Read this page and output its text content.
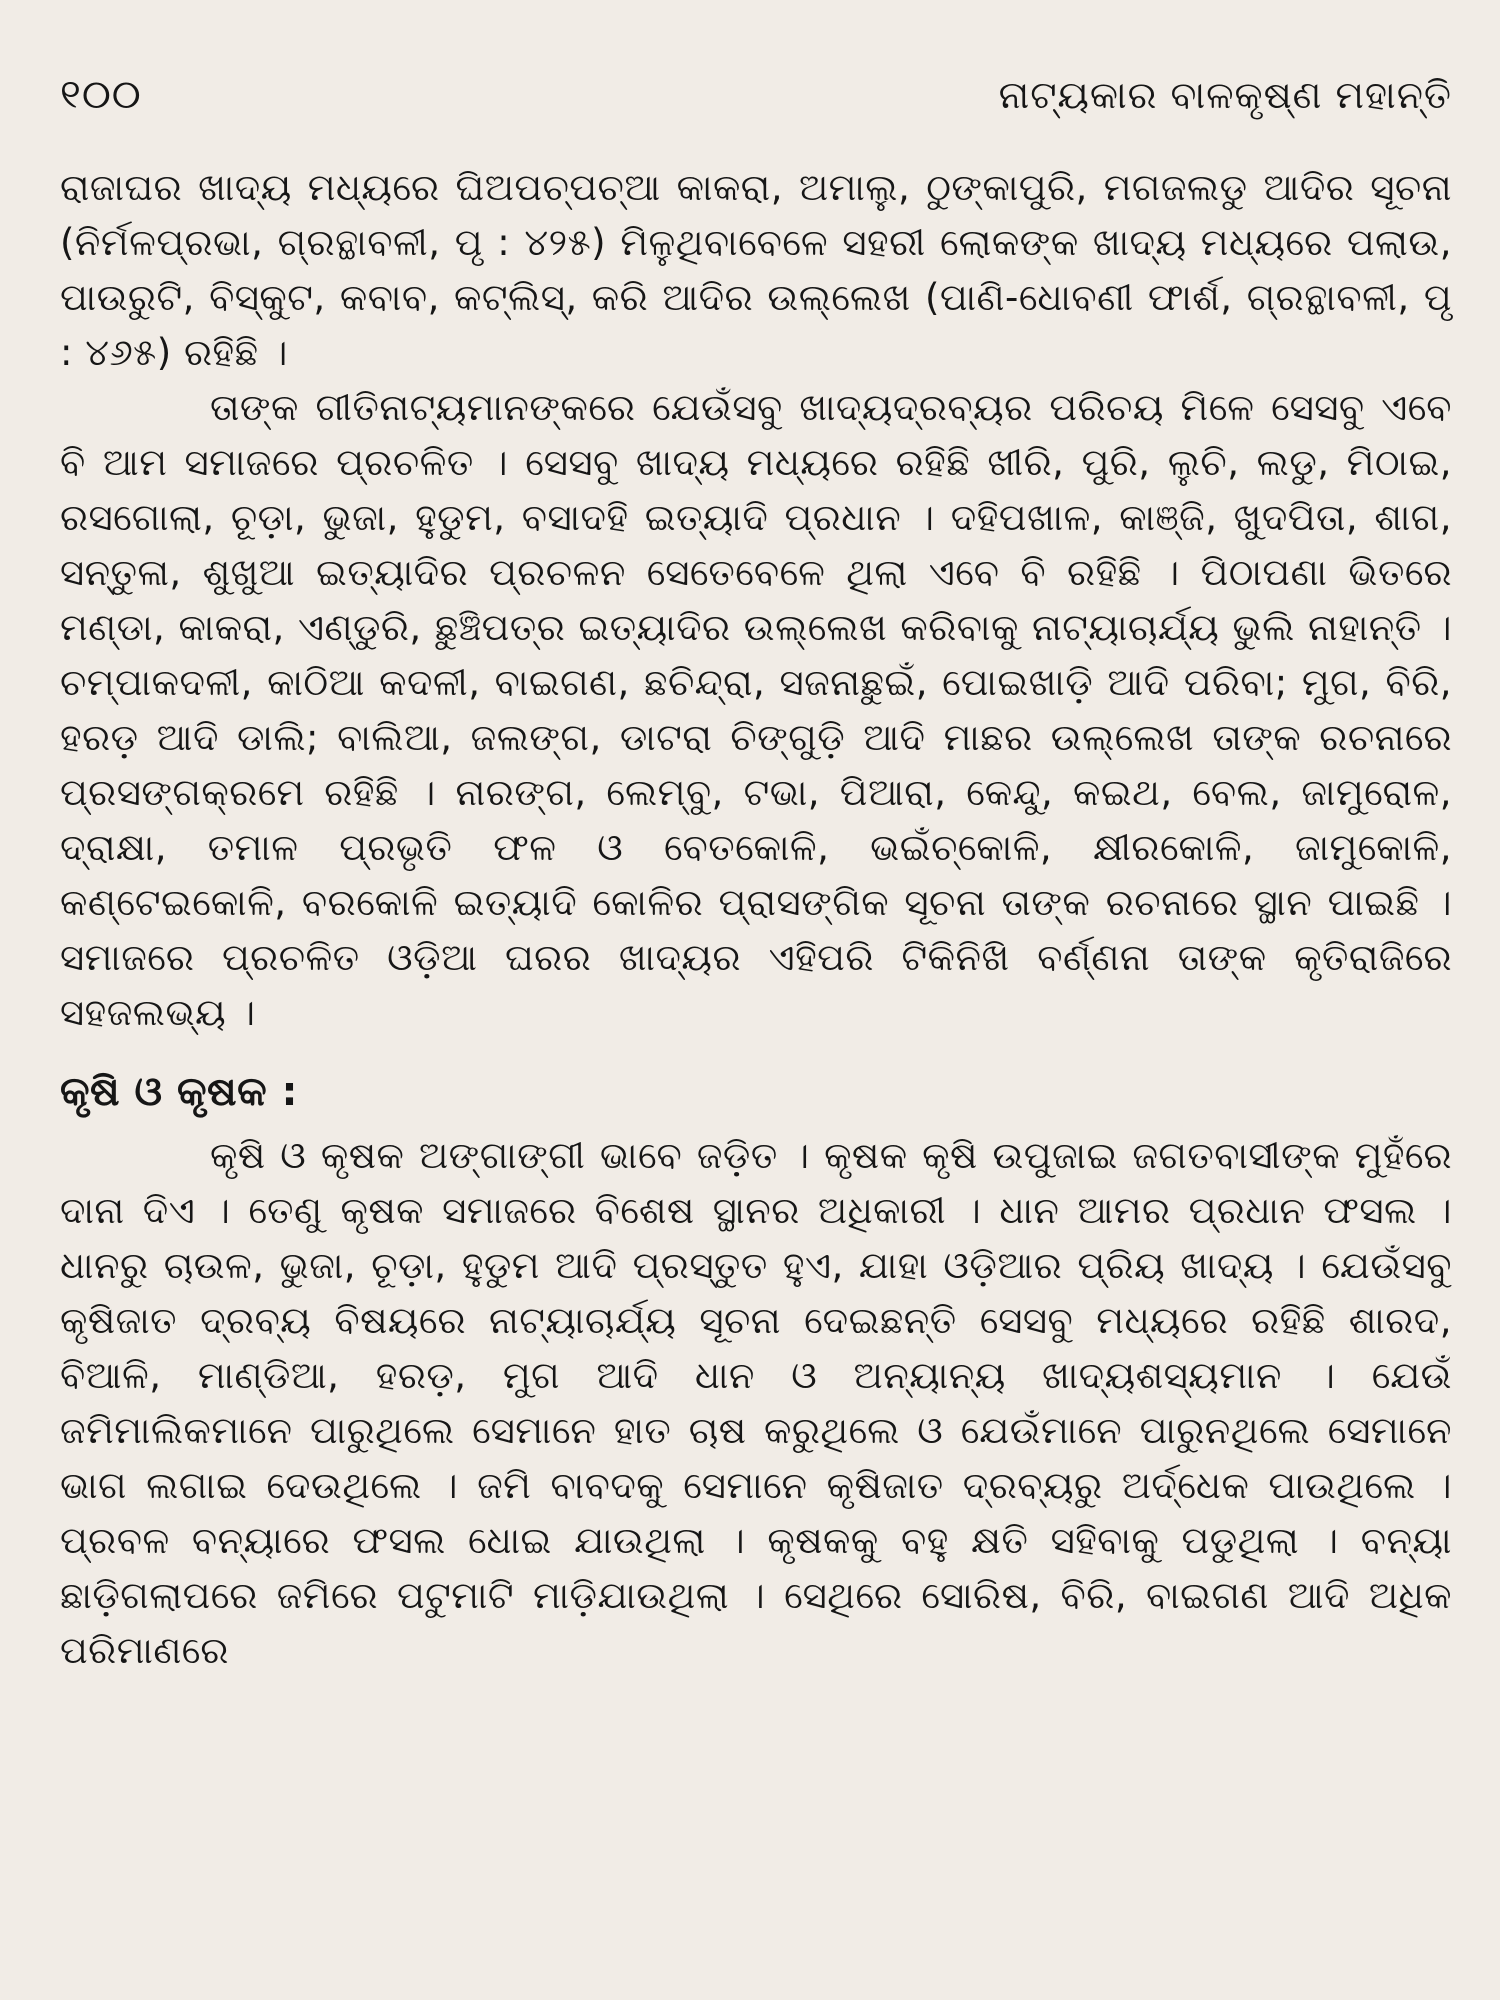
୧୦୦	ନାଟ୍ୟକାର ବାଳକୃଷ୍ଣ ମହାନ୍ତି

ରାଜାଘର ଖାଦ୍ୟ ମଧ୍ୟରେ ଘିଅପଚ୍‌ପଚ୍‌ଆ କାକରା, ଅମାଲୁ, ଠୁଙ୍କାପୁରି, ମଗଜଲଡୁ ଆଦିର ସୂଚନା (ନିର୍ମଳପ୍ରଭା, ଗ୍ରନ୍ଥାବଳୀ, ପୃ : ୪୨୫) ମିଳୁଥିବାବେଳେ ସହରୀ ଲୋକଙ୍କ ଖାଦ୍ୟ ମଧ୍ୟରେ ପଲାଉ, ପାଉରୁଟି, ବିସ୍କୁଟ, କବାବ, କଟ୍‌ଲିସ୍, କରି ଆଦିର ଉଲ୍ଲେଖ (ପାଣି-ଧୋବଣୀ ଫାର୍ଶ, ଗ୍ରନ୍ଥାବଳୀ, ପୃ : ୪୬୫) ରହିଛି ।

ତାଙ୍କ ଗୀତିନାଟ୍ୟମାନଙ୍କରେ ଯେଉଁସବୁ ଖାଦ୍ୟଦ୍ରବ୍ୟର ପରିଚୟ ମିଳେ ସେସବୁ ଏବେ ବି ଆମ ସମାଜରେ ପ୍ରଚଳିତ । ସେସବୁ ଖାଦ୍ୟ ମଧ୍ୟରେ ରହିଛି ଖୀରି, ପୁରି, ଲୁଚି, ଲଡୁ, ମିଠାଇ, ରସଗୋଲା, ଚୂଡ଼ା, ଭୁଜା, ହୁଡୁମ, ବସାଦହି ଇତ୍ୟାଦି ପ୍ରଧାନ । ଦହିପଖାଳ, କାଞ୍ଜି, ଖୁଦପିତା, ଶାଗ, ସନ୍ତୁଳା, ଶୁଖୁଆ ଇତ୍ୟାଦିର ପ୍ରଚଳନ ସେତେବେଳେ ଥିଲା ଏବେ ବି ରହିଛି । ପିଠାପଣା ଭିତରେ ମଣ୍ଡା, କାକରା, ଏଣ୍ଡୁରି, ଛୁଞ୍ଚିପତ୍ର ଇତ୍ୟାଦିର ଉଲ୍ଲେଖ କରିବାକୁ ନାଟ୍ୟାଚାର୍ଯ୍ୟ ଭୁଲି ନାହାନ୍ତି । ଚମ୍ପାକଦଳୀ, କାଠିଆ କଦଳୀ, ବାଇଗଣ, ଛଚିନ୍ଦ୍ରା, ସଜନାଛୁଇଁ, ପୋଇଖାଡ଼ି ଆଦି ପରିବା; ମୁଗ, ବିରି, ହରଡ଼ ଆଦି ଡାଲି; ବାଲିଆ, ଜଲଙ୍ଗ, ଡାଟରା ଚିଙ୍ଗୁଡ଼ି ଆଦି ମାଛର ଉଲ୍ଲେଖ ତାଙ୍କ ରଚନାରେ ପ୍ରସଙ୍ଗକ୍ରମେ ରହିଛି । ନାରଙ୍ଗ, ଲେମ୍ବୁ, ଟଭା, ପିଆରା, କେନ୍ଦୁ, କଇଥ, ବେଲ, ଜାମୁରୋଳ, ଦ୍ରାକ୍ଷା, ତମାଳ ପ୍ରଭୃତି ଫଳ ଓ ବେତକୋଳି, ଭଇଁଚ୍‌କୋଳି, କ୍ଷୀରକୋଳି, ଜାମୁକୋଳି, କଣ୍ଟେଇକୋଳି, ବରକୋଳି ଇତ୍ୟାଦି କୋଳିର ପ୍ରାସଙ୍ଗିକ ସୂଚନା ତାଙ୍କ ରଚନାରେ ସ୍ଥାନ ପାଇଛି । ସମାଜରେ ପ୍ରଚଳିତ ଓଡ଼ିଆ ଘରର ଖାଦ୍ୟର ଏହିପରି ଟିକିନିଖି ବର୍ଣ୍ଣନା ତାଙ୍କ କୃତିରାଜିରେ ସହଜଲଭ୍ୟ ।

କୃଷି ଓ କୃଷକ :

କୃଷି ଓ କୃଷକ ଅଙ୍ଗାଙ୍ଗୀ ଭାବେ ଜଡ଼ିତ । କୃଷକ କୃଷି ଉପୁଜାଇ ଜଗତବାସୀଙ୍କ ମୁହଁରେ ଦାନା ଦିଏ । ତେଣୁ କୃଷକ ସମାଜରେ ବିଶେଷ ସ୍ଥାନର ଅଧିକାରୀ । ଧାନ ଆମର ପ୍ରଧାନ ଫସଲ । ଧାନରୁ ଚାଉଳ, ଭୁଜା, ଚୂଡ଼ା, ହୁଡୁମ ଆଦି ପ୍ରସ୍ତୁତ ହୁଏ, ଯାହା ଓଡ଼ିଆର ପ୍ରିୟ ଖାଦ୍ୟ । ଯେଉଁସବୁ କୃଷିଜାତ ଦ୍ରବ୍ୟ ବିଷୟରେ ନାଟ୍ୟାଚାର୍ଯ୍ୟ ସୂଚନା ଦେଇଛନ୍ତି ସେସବୁ ମଧ୍ୟରେ ରହିଛି ଶାରଦ, ବିଆଳି, ମାଣ୍ଡିଆ, ହରଡ଼, ମୁଗ ଆଦି ଧାନ ଓ ଅନ୍ୟାନ୍ୟ ଖାଦ୍ୟଶସ୍ୟମାନ । ଯେଉଁ ଜମିମାଲିକମାନେ ପାରୁଥିଲେ ସେମାନେ ହାତ ଚାଷ କରୁଥିଲେ ଓ ଯେଉଁମାନେ ପାରୁନଥିଲେ ସେମାନେ ଭାଗ ଲଗାଇ ଦେଉଥିଲେ । ଜମି ବାବଦକୁ ସେମାନେ କୃଷିଜାତ ଦ୍ରବ୍ୟରୁ ଅର୍ଦ୍ଧେକ ପାଉଥିଲେ । ପ୍ରବଳ ବନ୍ୟାରେ ଫସଲ ଧୋଇ ଯାଉଥିଲା । କୃଷକକୁ ବହୁ କ୍ଷତି ସହିବାକୁ ପଡୁଥିଲା । ବନ୍ୟା ଛାଡ଼ିଗଲାପରେ ଜମିରେ ପଟୁମାଟି ମାଡ଼ିଯାଉଥିଲା । ସେଥିରେ ସୋରିଷ, ବିରି, ବାଇଗଣ ଆଦି ଅଧିକ ପରିମାଣରେ
